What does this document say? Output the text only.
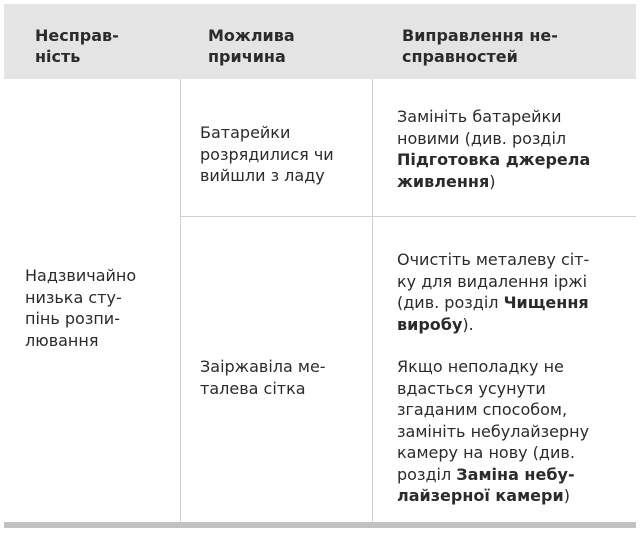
Несправ-
ність
Можлива
причина
Виправлення не-
справностей
Надзвичайно
низька сту-
пінь розпи-
лювання
Батарейки
розрядилися чи
вийшли з ладу
Замініть батарейки
новими (див. розділ
Підготовка джерела
живлення)
Заіржавіла ме-
талева сітка
Очистіть металеву сіт-
ку для видалення іржі
(див. розділ Чищення
виробу).
Якщо неполадку не
вдасться усунути
згаданим способом,
замініть небулайзерну
камеру на нову (див.
розділ Заміна небу-
лайзерної камери)
